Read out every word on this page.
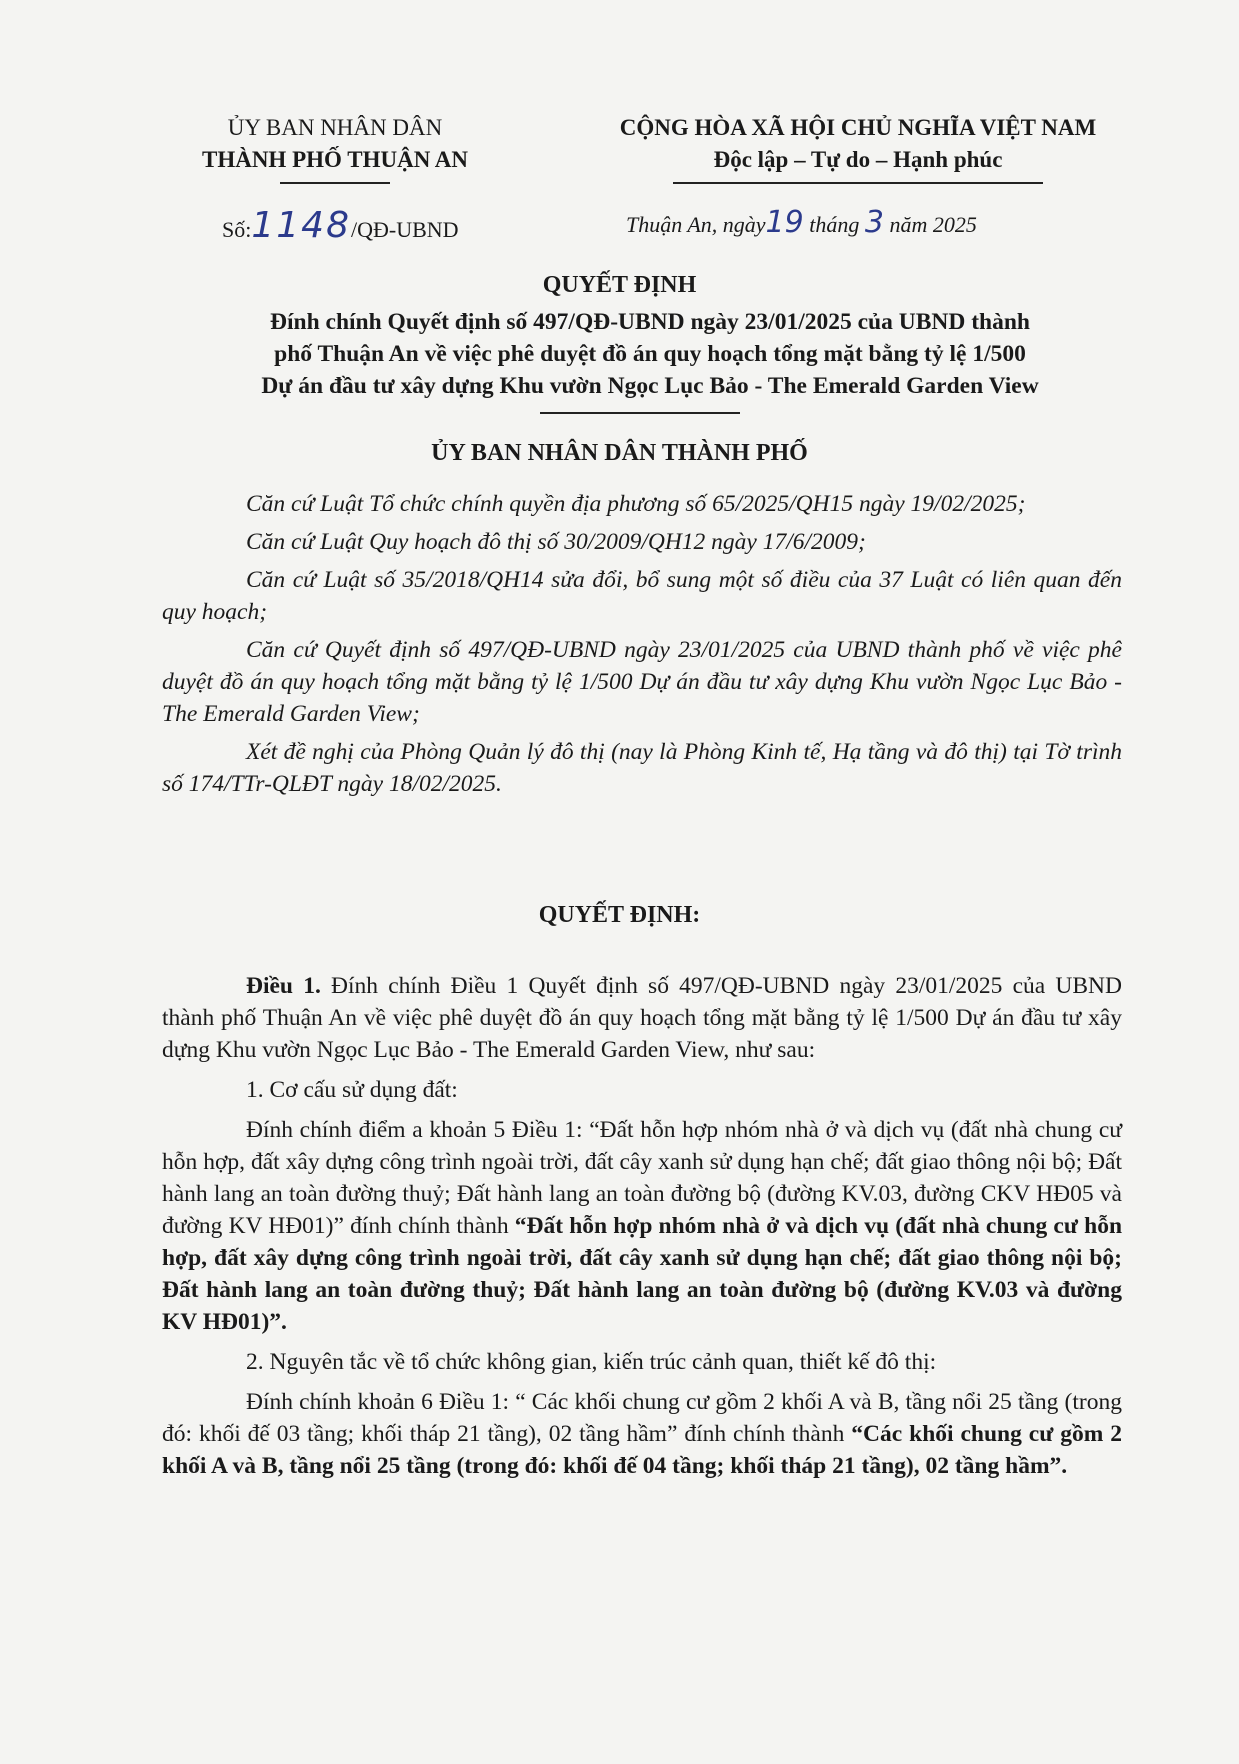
ỦY BAN NHÂN DÂN
THÀNH PHỐ THUẬN AN
CỘNG HÒA XÃ HỘI CHỦ NGHĨA VIỆT NAM
Độc lập – Tự do – Hạnh phúc
Số:1148/QĐ-UBND	Thuận An, ngày19 tháng 3 năm 2025
QUYẾT ĐỊNH
Đính chính Quyết định số 497/QĐ-UBND ngày 23/01/2025 của UBND thành
phố Thuận An về việc phê duyệt đồ án quy hoạch tổng mặt bằng tỷ lệ 1/500
Dự án đầu tư xây dựng Khu vườn Ngọc Lục Bảo - The Emerald Garden View
ỦY BAN NHÂN DÂN THÀNH PHỐ

Căn cứ Luật Tổ chức chính quyền địa phương số 65/2025/QH15 ngày 19/02/2025;

Căn cứ Luật Quy hoạch đô thị số 30/2009/QH12 ngày 17/6/2009;

Căn cứ Luật số 35/2018/QH14 sửa đổi, bổ sung một số điều của 37 Luật có liên quan đến quy hoạch;

Căn cứ Quyết định số 497/QĐ-UBND ngày 23/01/2025 của UBND thành phố về việc phê duyệt đồ án quy hoạch tổng mặt bằng tỷ lệ 1/500 Dự án đầu tư xây dựng Khu vườn Ngọc Lục Bảo - The Emerald Garden View;

Xét đề nghị của Phòng Quản lý đô thị (nay là Phòng Kinh tế, Hạ tầng và đô thị) tại Tờ trình số 174/TTr-QLĐT ngày 18/02/2025.

QUYẾT ĐỊNH:

Điều 1. Đính chính Điều 1 Quyết định số 497/QĐ-UBND ngày 23/01/2025 của UBND thành phố Thuận An về việc phê duyệt đồ án quy hoạch tổng mặt bằng tỷ lệ 1/500 Dự án đầu tư xây dựng Khu vườn Ngọc Lục Bảo - The Emerald Garden View, như sau:

1. Cơ cấu sử dụng đất:

Đính chính điểm a khoản 5 Điều 1: “Đất hỗn hợp nhóm nhà ở và dịch vụ (đất nhà chung cư hỗn hợp, đất xây dựng công trình ngoài trời, đất cây xanh sử dụng hạn chế; đất giao thông nội bộ; Đất hành lang an toàn đường thuỷ; Đất hành lang an toàn đường bộ (đường KV.03, đường CKV HĐ05 và đường KV HĐ01)” đính chính thành “Đất hỗn hợp nhóm nhà ở và dịch vụ (đất nhà chung cư hỗn hợp, đất xây dựng công trình ngoài trời, đất cây xanh sử dụng hạn chế; đất giao thông nội bộ; Đất hành lang an toàn đường thuỷ; Đất hành lang an toàn đường bộ (đường KV.03 và đường KV HĐ01)”.

2. Nguyên tắc về tổ chức không gian, kiến trúc cảnh quan, thiết kế đô thị:

Đính chính khoản 6 Điều 1: “ Các khối chung cư gồm 2 khối A và B, tầng nổi 25 tầng (trong đó: khối đế 03 tầng; khối tháp 21 tầng), 02 tầng hầm” đính chính thành “Các khối chung cư gồm 2 khối A và B, tầng nổi 25 tầng (trong đó: khối đế 04 tầng; khối tháp 21 tầng), 02 tầng hầm”.
